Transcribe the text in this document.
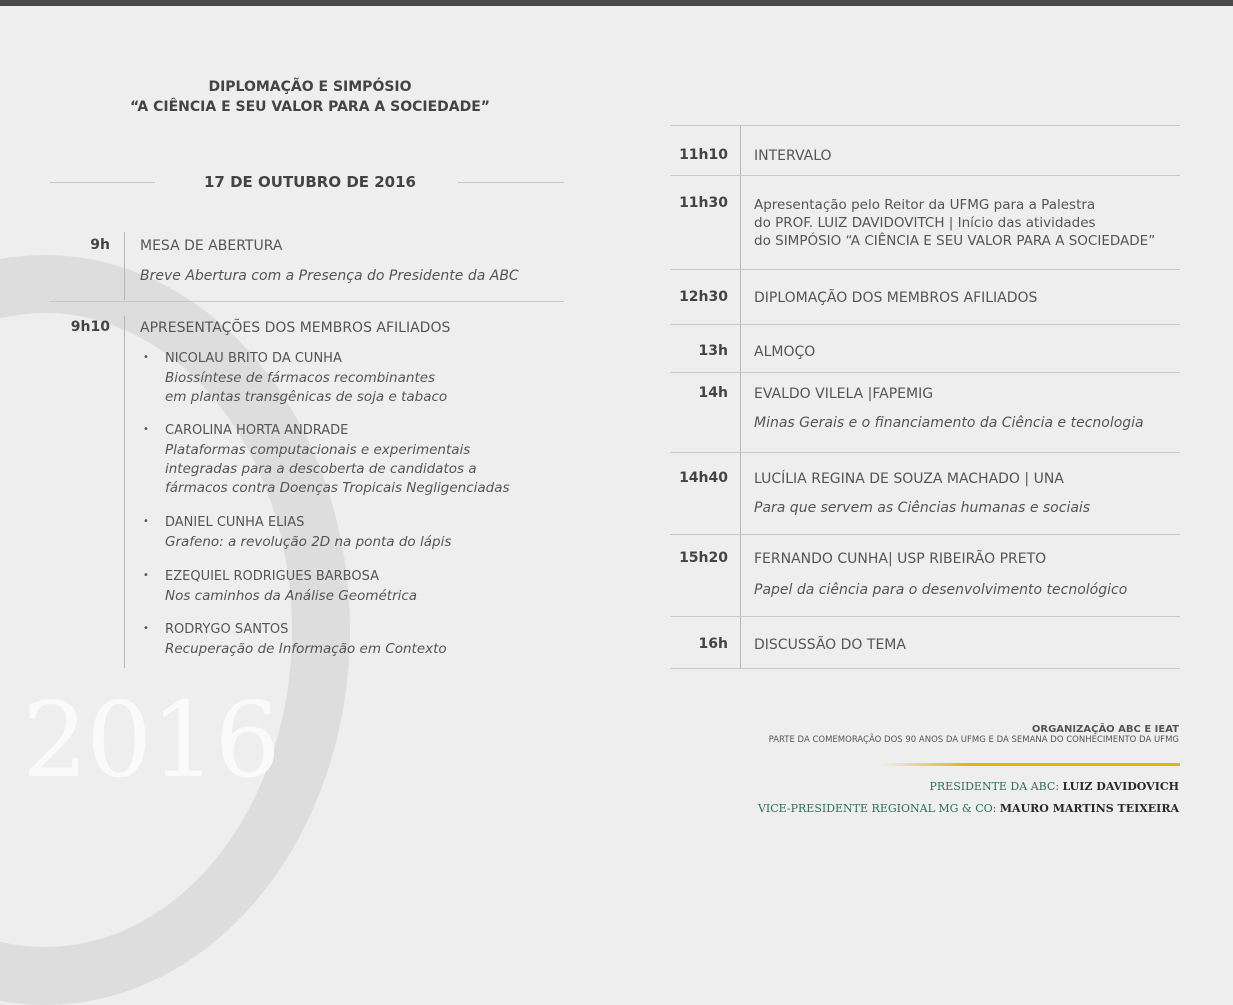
2016
DIPLOMAÇÃO E SIMPÓSIO
“A CIÊNCIA E SEU VALOR PARA A SOCIEDADE”
17 DE OUTUBRO DE 2016
9h MESA DE ABERTURA
Breve Abertura com a Presença do Presidente da ABC
9h10 APRESENTAÇÕES DOS MEMBROS AFILIADOS
• NICOLAU BRITO DA CUNHA
Biossíntese de fármacos recombinantes
em plantas transgênicas de soja e tabaco
• CAROLINA HORTA ANDRADE
Plataformas computacionais e experimentais
integradas para a descoberta de candidatos a
fármacos contra Doenças Tropicais Negligenciadas
• DANIEL CUNHA ELIAS
Grafeno: a revolução 2D na ponta do lápis
• EZEQUIEL RODRIGUES BARBOSA
Nos caminhos da Análise Geométrica
• RODRYGO SANTOS
Recuperação de Informação em Contexto
11h10 INTERVALO
11h30 Apresentação pelo Reitor da UFMG para a Palestra
do PROF. LUIZ DAVIDOVITCH | Início das atividades
do SIMPÓSIO “A CIÊNCIA E SEU VALOR PARA A SOCIEDADE”
12h30 DIPLOMAÇÃO DOS MEMBROS AFILIADOS
13h ALMOÇO
14h EVALDO VILELA |FAPEMIG
Minas Gerais e o financiamento da Ciência e tecnologia
14h40 LUCÍLIA REGINA DE SOUZA MACHADO | UNA
Para que servem as Ciências humanas e sociais
15h20 FERNANDO CUNHA| USP RIBEIRÃO PRETO
Papel da ciência para o desenvolvimento tecnológico
16h DISCUSSÃO DO TEMA
ORGANIZAÇÃO ABC E IEAT
PARTE DA COMEMORAÇÃO DOS 90 ANOS DA UFMG E DA SEMANA DO CONHECIMENTO DA UFMG
PRESIDENTE DA ABC: LUIZ DAVIDOVICH
VICE-PRESIDENTE REGIONAL MG & CO: MAURO MARTINS TEIXEIRA
